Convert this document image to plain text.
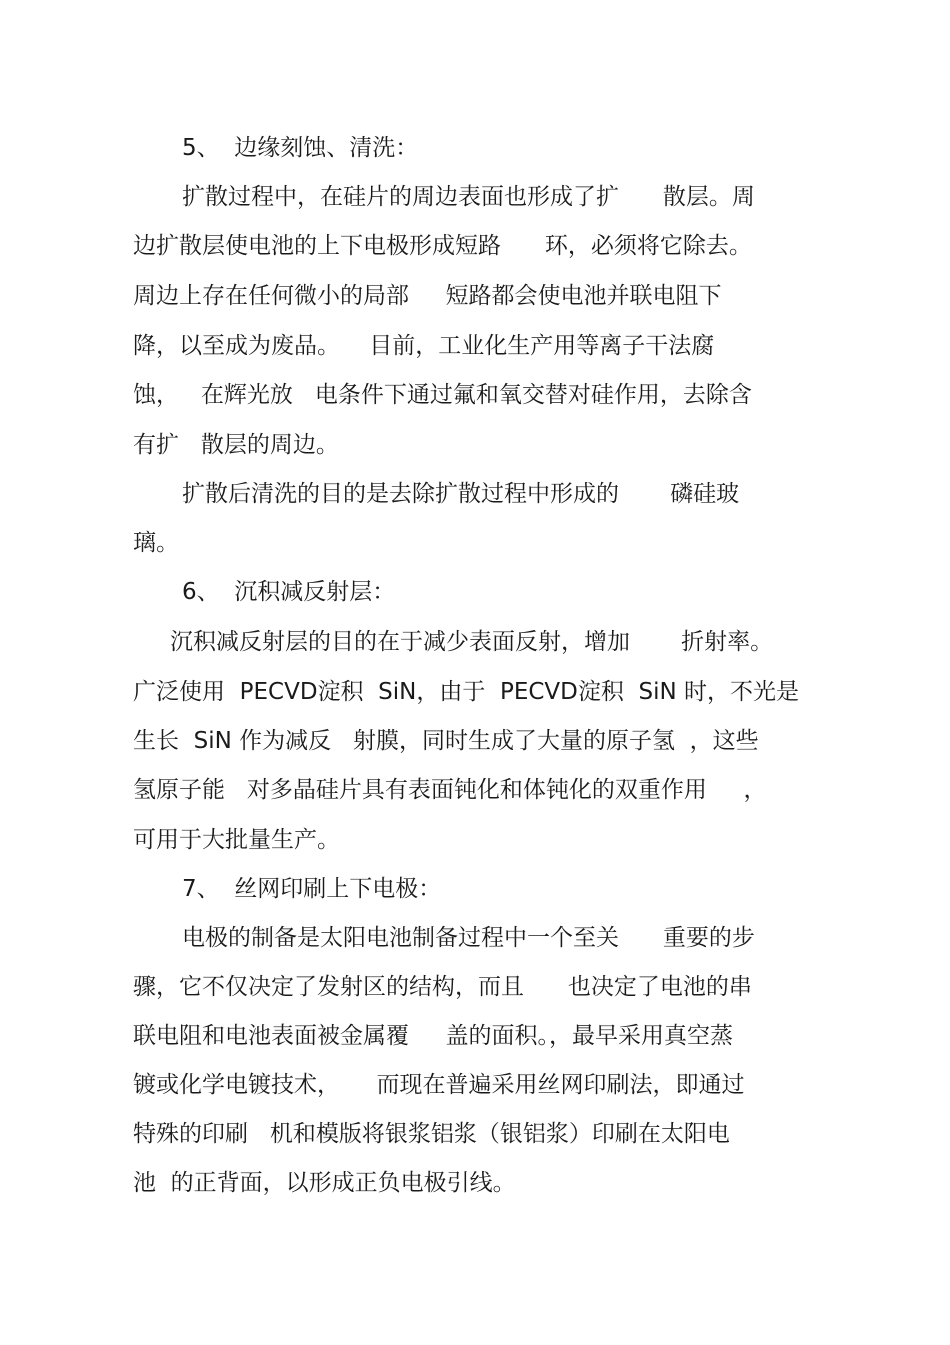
5、  边缘刻蚀、清洗：
扩散过程中，在硅片的周边表面也形成了扩      散层。周
边扩散层使电池的上下电极形成短路      环，必须将它除去。
周边上存在任何微小的局部     短路都会使电池并联电阻下
降，以至成为废品。    目前，工业化生产用等离子干法腐
蚀，   在辉光放   电条件下通过氟和氧交替对硅作用，去除含
有扩   散层的周边。
扩散后清洗的目的是去除扩散过程中形成的       磷硅玻
璃。
6、  沉积减反射层：
沉积减反射层的目的在于减少表面反射，增加       折射率。
广泛使用  PECVD淀积  SiN，由于  PECVD淀积  SiN 时，不光是
生长  SiN 作为减反   射膜，同时生成了大量的原子氢  ，这些
氢原子能   对多晶硅片具有表面钝化和体钝化的双重作用     ，
可用于大批量生产。
7、  丝网印刷上下电极：
电极的制备是太阳电池制备过程中一个至关      重要的步
骤，它不仅决定了发射区的结构，而且      也决定了电池的串
联电阻和电池表面被金属覆     盖的面积。，最早采用真空蒸
镀或化学电镀技术，     而现在普遍采用丝网印刷法，即通过
特殊的印刷   机和模版将银浆铝浆（银铝浆）印刷在太阳电
池  的正背面，以形成正负电极引线。
